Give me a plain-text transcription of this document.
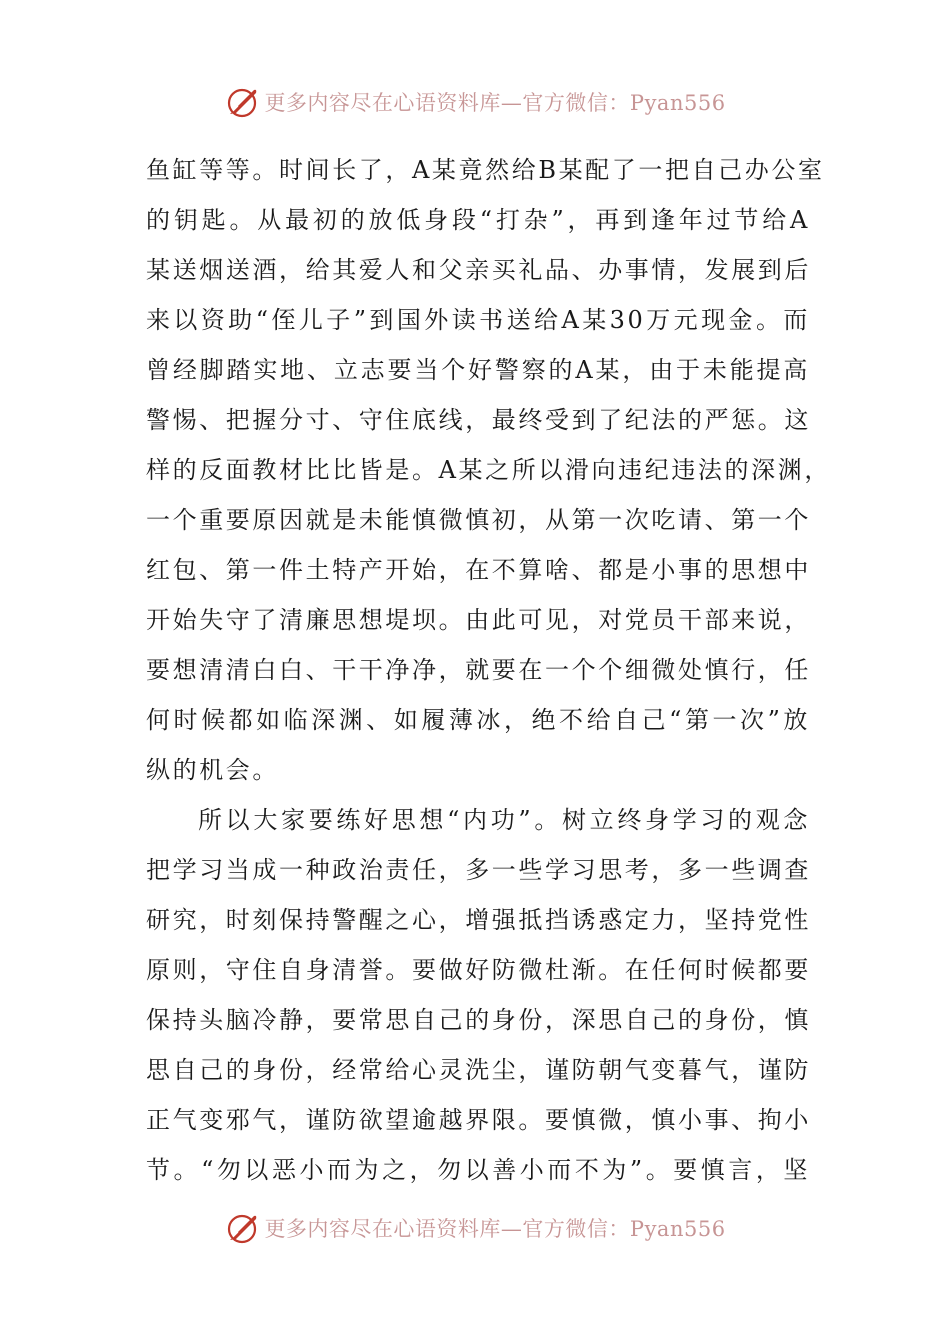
更多内容尽在心语资料库—官方微信：Pyan556
鱼缸等等。时间长了，A某竟然给B某配了一把自己办公室
的钥匙。从最初的放低身段“打杂”，再到逢年过节给A
某送烟送酒，给其爱人和父亲买礼品、办事情，发展到后
来以资助“侄儿子”到国外读书送给A某30万元现金。而
曾经脚踏实地、立志要当个好警察的A某，由于未能提高
警惕、把握分寸、守住底线，最终受到了纪法的严惩。这
样的反面教材比比皆是。A某之所以滑向违纪违法的深渊，
一个重要原因就是未能慎微慎初，从第一次吃请、第一个
红包、第一件土特产开始，在不算啥、都是小事的思想中
开始失守了清廉思想堤坝。由此可见，对党员干部来说，
要想清清白白、干干净净，就要在一个个细微处慎行，任
何时候都如临深渊、如履薄冰，绝不给自己“第一次”放
纵的机会。
所以大家要练好思想“内功”。树立终身学习的观念
把学习当成一种政治责任，多一些学习思考，多一些调查
研究，时刻保持警醒之心，增强抵挡诱惑定力，坚持党性
原则，守住自身清誉。要做好防微杜渐。在任何时候都要
保持头脑冷静，要常思自己的身份，深思自己的身份，慎
思自己的身份，经常给心灵洗尘，谨防朝气变暮气，谨防
正气变邪气，谨防欲望逾越界限。要慎微，慎小事、拘小
节。“勿以恶小而为之，勿以善小而不为”。要慎言，坚
更多内容尽在心语资料库—官方微信：Pyan556
